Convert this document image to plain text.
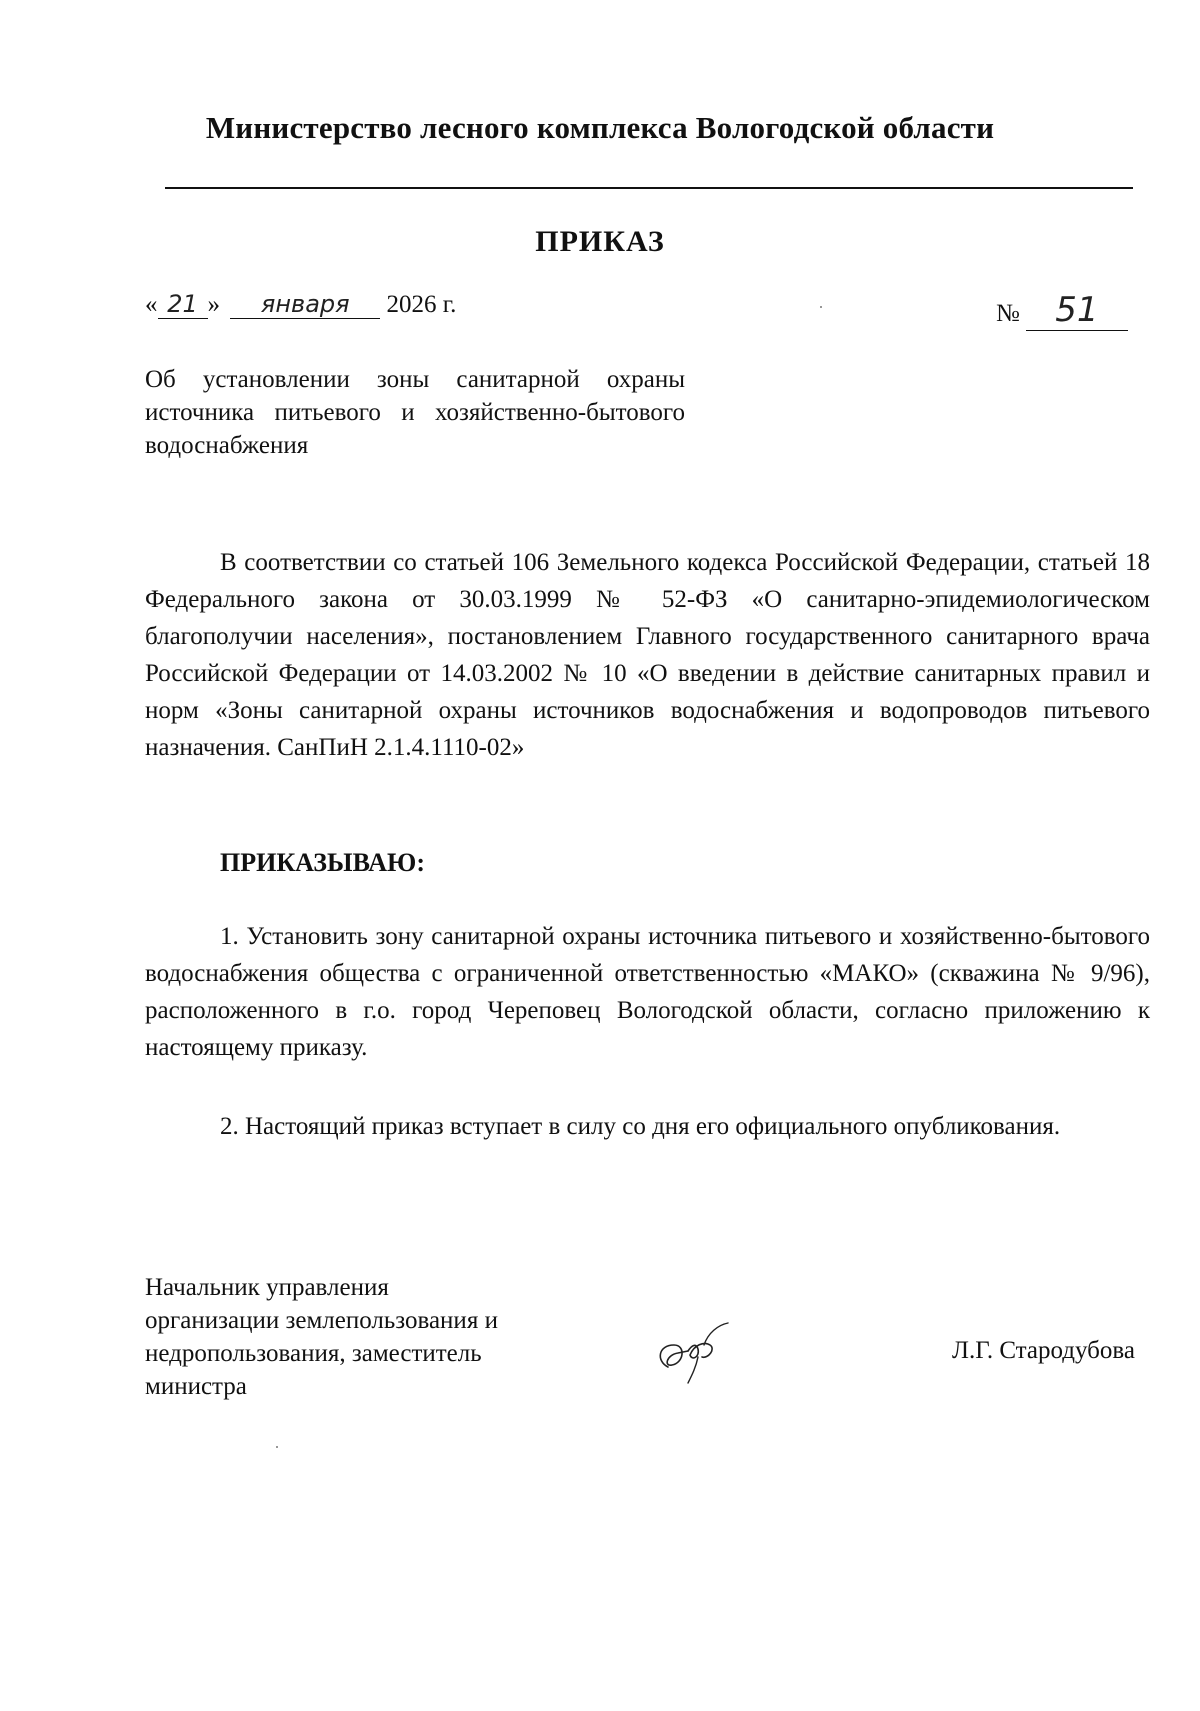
Министерство лесного комплекса Вологодской области
ПРИКАЗ
« 21 » января 2026 г.	№ 51
Об установлении зоны санитарной охраны источника питьевого и хозяйственно-бытового водоснабжения

В соответствии со статьей 106 Земельного кодекса Российской Федерации, статьей 18 Федерального закона от 30.03.1999 № 52-ФЗ «О санитарно-эпидемиологическом благополучии населения», постановлением Главного государственного санитарного врача Российской Федерации от 14.03.2002 № 10 «О введении в действие санитарных правил и норм «Зоны санитарной охраны источников водоснабжения и водопроводов питьевого назначения. СанПиН 2.1.4.1110-02»

ПРИКАЗЫВАЮ:

1. Установить зону санитарной охраны источника питьевого и хозяйственно-бытового водоснабжения общества с ограниченной ответственностью «МАКО» (скважина № 9/96), расположенного в г.о. город Череповец Вологодской области, согласно приложению к настоящему приказу.

2. Настоящий приказ вступает в силу со дня его официального опубликования.

Начальник управления
организации землепользования и
недропользования, заместитель
министра
Л.Г. Стародубова
